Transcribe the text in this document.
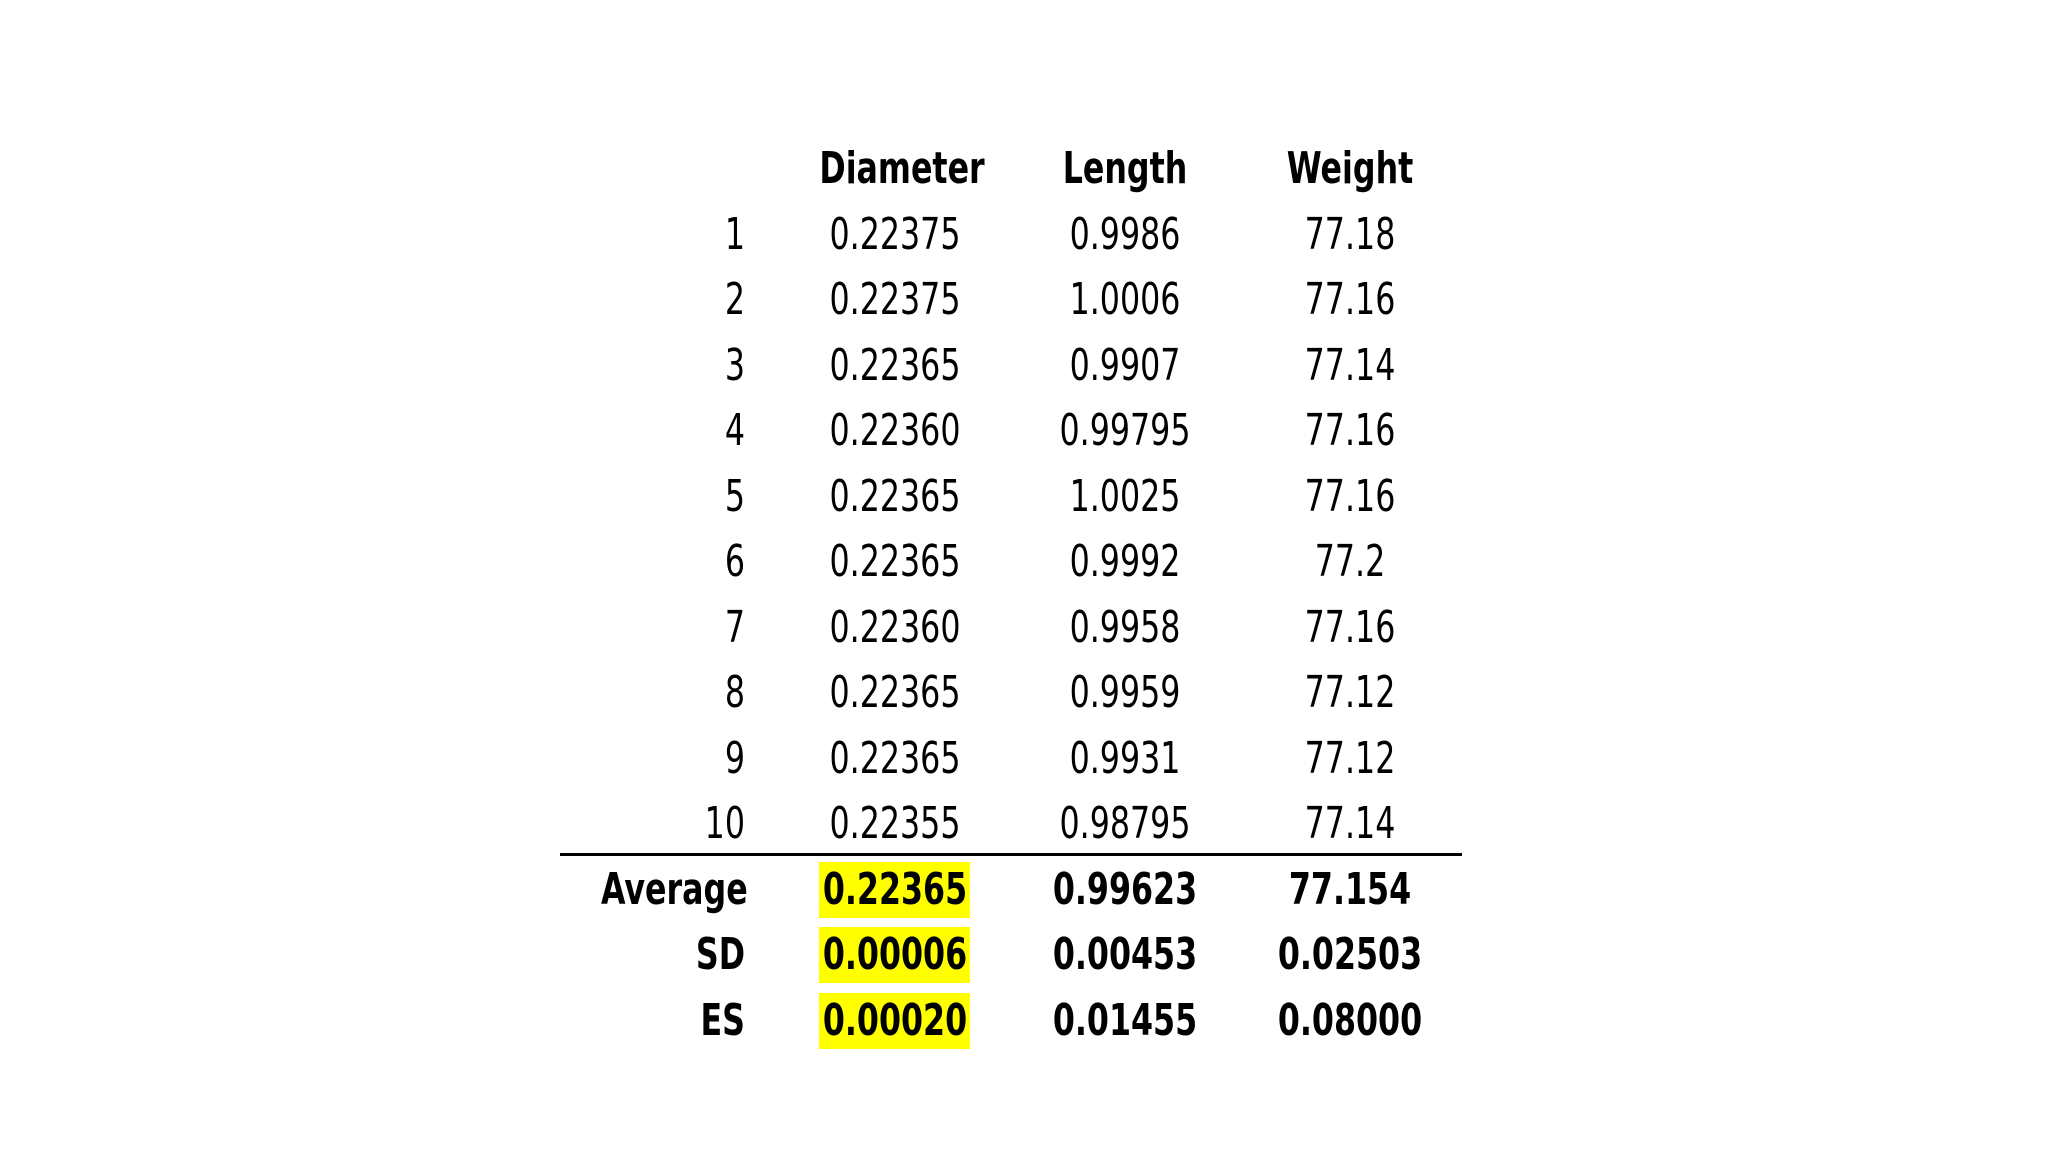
Diameter	Length	Weight
1 0.22375	0.9986	77.18
2 0.22375	1.0006	77.16
3 0.22365	0.9907	77.14
4 0.22360 0.99795	77.16
5 0.22365	1.0025	77.16
6 0.22365	0.9992	77.2
7 0.22360	0.9958	77.16
8 0.22365	0.9959	77.12
9 0.22365	0.9931	77.12
10 0.22355 0.98795	77.14
Average 0.22365 0.99623	77.154
SD 0.00006 0.00453 0.02503
ES 0.00020 0.01455 0.08000
